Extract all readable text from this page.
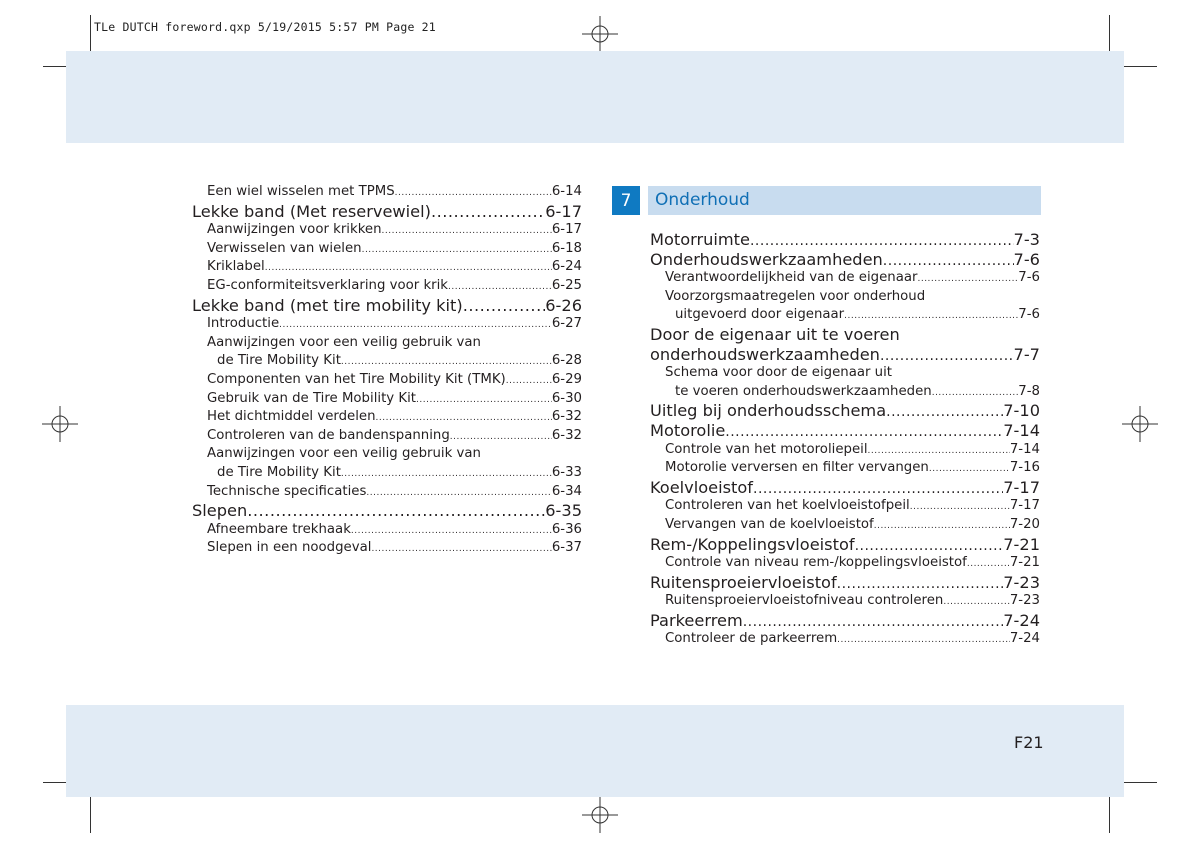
TLe DUTCH foreword.qxp 5/19/2015 5:57 PM Page 21
Een wiel wisselen met TPMS .....	6-14
Lekke band (Met reservewiel) .....	6-17
Aanwijzingen voor krikken .....	6-17
Verwisselen van wielen .....	6-18
Kriklabel .....	6-24
EG-conformiteitsverklaring voor krik .....	6-25
Lekke band (met tire mobility kit) .....	6-26
Introductie .....	6-27
Aanwijzingen voor een veilig gebruik van
de Tire Mobility Kit .....	6-28
Componenten van het Tire Mobility Kit (TMK) .....	6-29
Gebruik van de Tire Mobility Kit .....	6-30
Het dichtmiddel verdelen .....	6-32
Controleren van de bandenspanning .....	6-32
Aanwijzingen voor een veilig gebruik van
de Tire Mobility Kit .....	6-33
Technische specificaties .....	6-34
Slepen .....	6-35
Afneembare trekhaak .....	6-36
Slepen in een noodgeval .....	6-37
7	Onderhoud
Motorruimte .....	7-3
Onderhoudswerkzaamheden .....	7-6
Verantwoordelijkheid van de eigenaar .....	7-6
Voorzorgsmaatregelen voor onderhoud
uitgevoerd door eigenaar .....	7-6
Door de eigenaar uit te voeren
onderhoudswerkzaamheden .....	7-7
Schema voor door de eigenaar uit
te voeren onderhoudswerkzaamheden .....	7-8
Uitleg bij onderhoudsschema .....	7-10
Motorolie .....	7-14
Controle van het motoroliepeil .....	7-14
Motorolie verversen en filter vervangen .....	7-16
Koelvloeistof .....	7-17
Controleren van het koelvloeistofpeil .....	7-17
Vervangen van de koelvloeistof .....	7-20
Rem-/Koppelingsvloeistof .....	7-21
Controle van niveau rem-/koppelingsvloeistof .....	7-21
Ruitensproeiervloeistof .....	7-23
Ruitensproeiervloeistofniveau controleren .....	7-23
Parkeerrem .....	7-24
Controleer de parkeerrem .....	7-24
F21
